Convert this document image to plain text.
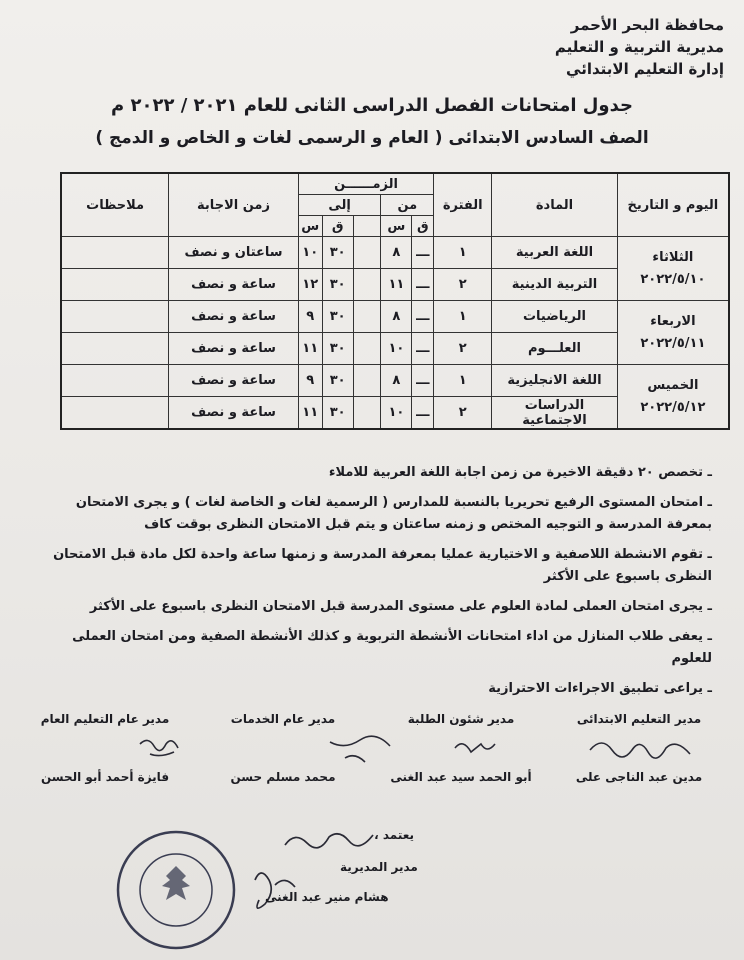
محافظة البحر الأحمر
مديرية التربية و التعليم
إدارة التعليم الابتدائي
جدول امتحانات الفصل الدراسى الثانى للعام ٢٠٢١ / ٢٠٢٢ م
الصف السادس الابتدائى ( العام و الرسمى لغات و الخاص و الدمج )
اليوم و التاريخ	المادة	الفترة	الزمــــــن					زمن الاجابة	ملاحظات
			من		إلى				
			ق	س		ق	س		

الثلاثاء
٢٠٢٢/٥/١٠	اللغة العربية	١	ـــ	٨		٣٠	١٠	ساعتان و نصف	
	التربية الدينية	٢	ـــ	١١		٣٠	١٢	ساعة و نصف	

الاربعاء
٢٠٢٢/٥/١١	الرياضيات	١	ـــ	٨		٣٠	٩	ساعة و نصف	
	العلـــوم	٢	ـــ	١٠		٣٠	١١	ساعة و نصف	

الخميس
٢٠٢٢/٥/١٢	اللغة الانجليزية	١	ـــ	٨		٣٠	٩	ساعة و نصف	
	الدراسات الاجتماعية	٢	ـــ	١٠		٣٠	١١	ساعة و نصف	
ـ تخصص ٢٠ دقيقة الاخيرة من زمن اجابة اللغة العربية للاملاء
ـ امتحان المستوى الرفيع تحريريا بالنسبة للمدارس ( الرسمية لغات و الخاصة لغات ) و يجرى الامتحان بمعرفة المدرسة و التوجيه المختص و زمنه ساعتان و يتم قبل الامتحان النظرى بوقت كاف
ـ تقوم الانشطة اللاصفية و الاختيارية عمليا بمعرفة المدرسة و زمنها ساعة واحدة لكل مادة قبل الامتحان النظرى باسبوع على الأكثر
ـ يجرى امتحان العملى لمادة العلوم على مستوى المدرسة قبل الامتحان النظرى باسبوع على الأكثر
ـ يعفى طلاب المنازل من اداء امتحانات الأنشطة التربوية و كذلك الأنشطة الصفية ومن امتحان العملى للعلوم
ـ يراعى تطبيق الاجراءات الاحترازية
مدير التعليم الابتدائى
مدير شئون الطلبة
مدير عام الخدمات
مدير عام التعليم العام
مدين عبد الناجى على
أبو الحمد سيد عبد الغنى
محمد مسلم حسن
فايزة أحمد أبو الحسن
يعتمد ،
مدير المديرية
هشام منير عبد الغنى
